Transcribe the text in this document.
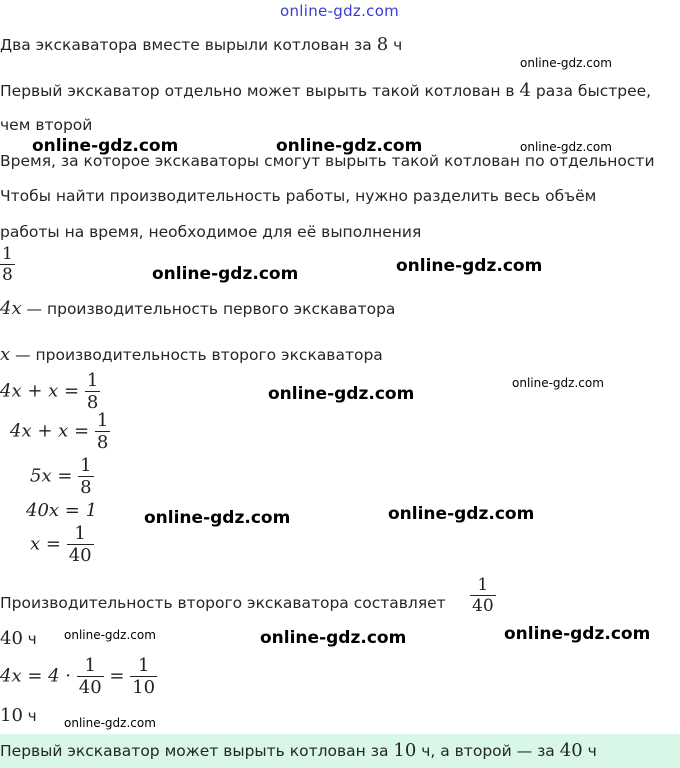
online-gdz.com
Два экскаватора вместе вырыли котлован за 8 ч
online-gdz.com
Первый экскаватор отдельно может вырыть такой котлован в 4 раза быстрее,
чем второй
online-gdz.com	online-gdz.com	online-gdz.com
Время, за которое экскаваторы смогут вырыть такой котлован по отдельности
Чтобы найти производительность работы, нужно разделить весь объём
работы на время, необходимое для её выполнения
$\frac{1}{8}$	online-gdz.com	online-gdz.com
4x — производительность первого экскаватора
x — производительность второго экскаватора
$4x + x = \frac{1}{8}$	online-gdz.com
online-gdz.com
$4x + x = \frac{1}{8}$
$5x = \frac{1}{8}$
40x = 1	online-gdz.com	online-gdz.com
$x = \frac{1}{40}$
Производительность второго экскаватора составляет $\frac{1}{40}$
40 ч online-gdz.com	online-gdz.com	online-gdz.com
$4x = 4 \cdot \frac{1}{40} = \frac{1}{10}$
10 ч online-gdz.com
Первый экскаватор может вырыть котлован за 10 ч, а второй — за 40 ч
